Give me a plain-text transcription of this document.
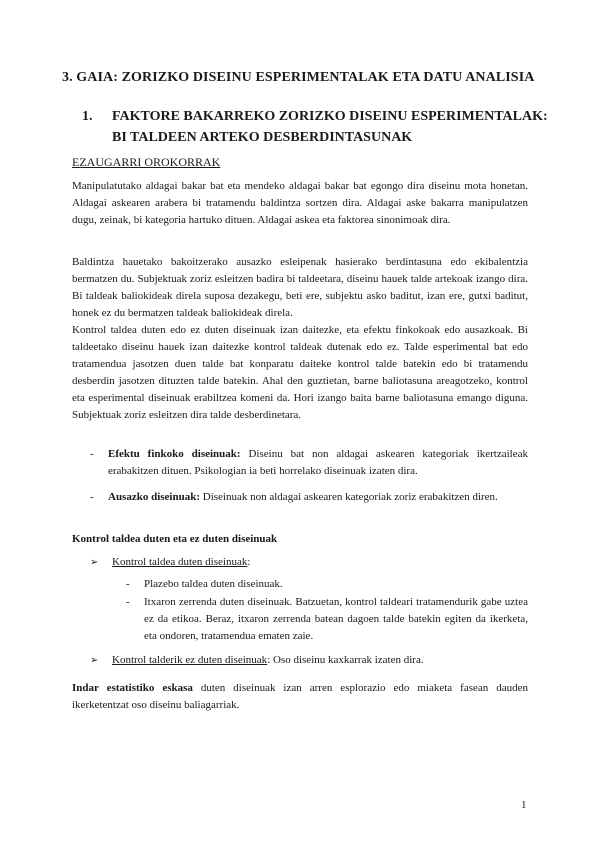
3. GAIA: ZORIZKO DISEINU ESPERIMENTALAK ETA DATU ANALISIA
1. FAKTORE BAKARREKO ZORIZKO DISEINU ESPERIMENTALAK: BI TALDEEN ARTEKO DESBERDINTASUNAK
EZAUGARRI OROKORRAK

Manipulatutako aldagai bakar bat eta mendeko aldagai bakar bat egongo dira diseinu mota honetan. Aldagai askearen arabera bi tratamendu baldintza sortzen dira. Aldagai aske bakarra manipulatzen dugu, zeinak, bi kategoria hartuko dituen. Aldagai askea eta faktorea sinonimoak dira.

Baldintza hauetako bakoitzerako ausazko esleipenak hasierako berdintasuna edo ekibalentzia bermatzen du. Subjektuak zoriz esleitzen badira bi taldeetara, diseinu hauek talde artekoak izango dira. Bi taldeak baliokideak direla suposa dezakegu, beti ere, subjektu asko baditut, izan ere, gutxi baditut, honek ez du bermatzen taldeak baliokideak direla.

Kontrol taldea duten edo ez duten diseinuak izan daitezke, eta efektu finkokoak edo ausazkoak. Bi taldeetako diseinu hauek izan daitezke kontrol taldeak dutenak edo ez. Talde esperimental bat edo tratamendua jasotzen duen talde bat konparatu daiteke kontrol talde batekin edo bi tratamendu desberdin jasotzen dituzten talde batekin. Ahal den guztietan, barne baliotasuna areagotzeko, kontrol eta esperimental diseinuak erabiltzea komeni da. Hori izango baita barne baliotasuna emango diguna. Subjektuak zoriz esleitzen dira talde desberdinetara.

- Efektu finkoko diseinuak: Diseinu bat non aldagai askearen kategoriak ikertzaileak erabakitzen dituen. Psikologian ia beti horrelako diseinuak izaten dira.
- Ausazko diseinuak: Diseinuak non aldagai askearen kategoriak zoriz erabakitzen diren.
Kontrol taldea duten eta ez duten diseinuak
➢ Kontrol taldea duten diseinuak:
- Plazebo taldea duten diseinuak.
- Itxaron zerrenda duten diseinuak. Batzuetan, kontrol taldeari tratamendurik gabe uztea ez da etikoa. Beraz, itxaron zerrenda batean dagoen talde batekin egiten da ikerketa, eta ondoren, tratamendua ematen zaie.
➢ Kontrol talderik ez duten diseinuak: Oso diseinu kaxkarrak izaten dira.

Indar estatistiko eskasa duten diseinuak izan arren esplorazio edo miaketa fasean dauden ikerketentzat oso diseinu baliagarriak.

1
